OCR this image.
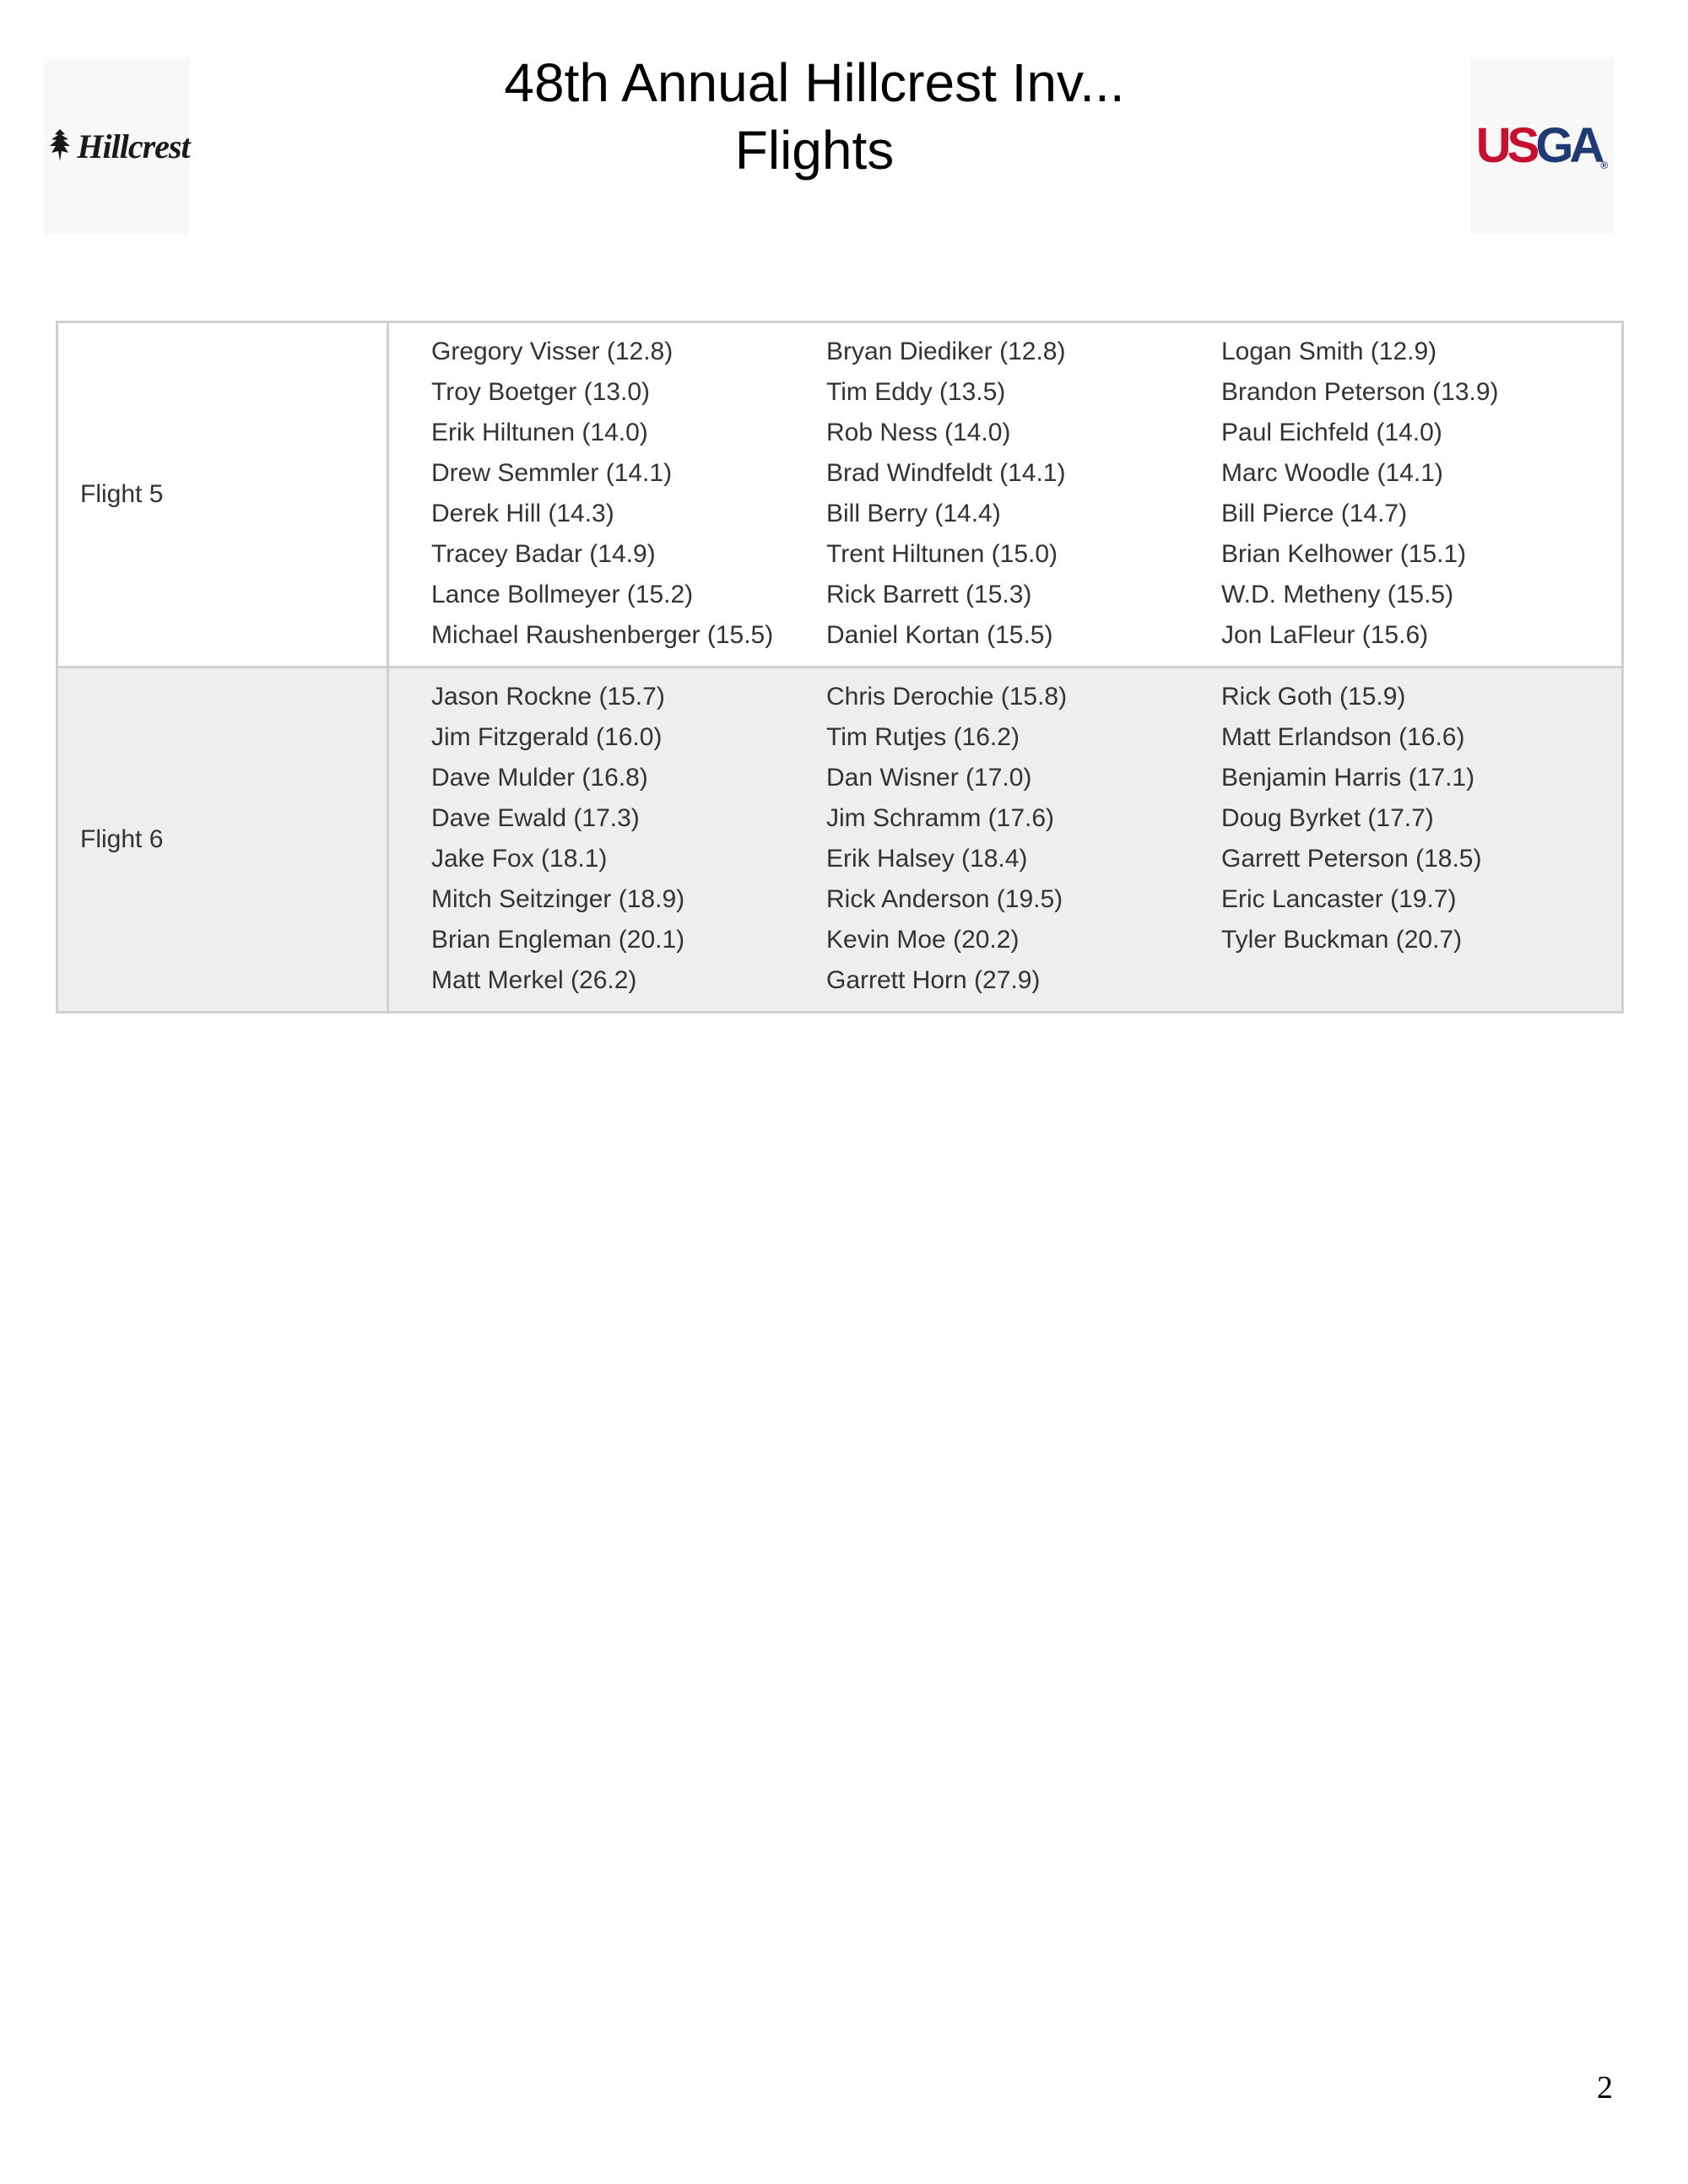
Hillcrest
48th Annual Hillcrest Inv...
Flights	USGA®
Flight 5
Gregory Visser (12.8)	Bryan Diediker (12.8)	Logan Smith (12.9)
Troy Boetger (13.0)	Tim Eddy (13.5)	Brandon Peterson (13.9)
Erik Hiltunen (14.0)	Rob Ness (14.0)	Paul Eichfeld (14.0)
Drew Semmler (14.1)	Brad Windfeldt (14.1)	Marc Woodle (14.1)
Derek Hill (14.3)	Bill Berry (14.4)	Bill Pierce (14.7)
Tracey Badar (14.9)	Trent Hiltunen (15.0)	Brian Kelhower (15.1)
Lance Bollmeyer (15.2)	Rick Barrett (15.3)	W.D. Metheny (15.5)
Michael Raushenberger (15.5)	Daniel Kortan (15.5)	Jon LaFleur (15.6)
Flight 6
Jason Rockne (15.7)	Chris Derochie (15.8)	Rick Goth (15.9)
Jim Fitzgerald (16.0)	Tim Rutjes (16.2)	Matt Erlandson (16.6)
Dave Mulder (16.8)	Dan Wisner (17.0)	Benjamin Harris (17.1)
Dave Ewald (17.3)	Jim Schramm (17.6)	Doug Byrket (17.7)
Jake Fox (18.1)	Erik Halsey (18.4)	Garrett Peterson (18.5)
Mitch Seitzinger (18.9)	Rick Anderson (19.5)	Eric Lancaster (19.7)
Brian Engleman (20.1)	Kevin Moe (20.2)	Tyler Buckman (20.7)
Matt Merkel (26.2)	Garrett Horn (27.9)
2
